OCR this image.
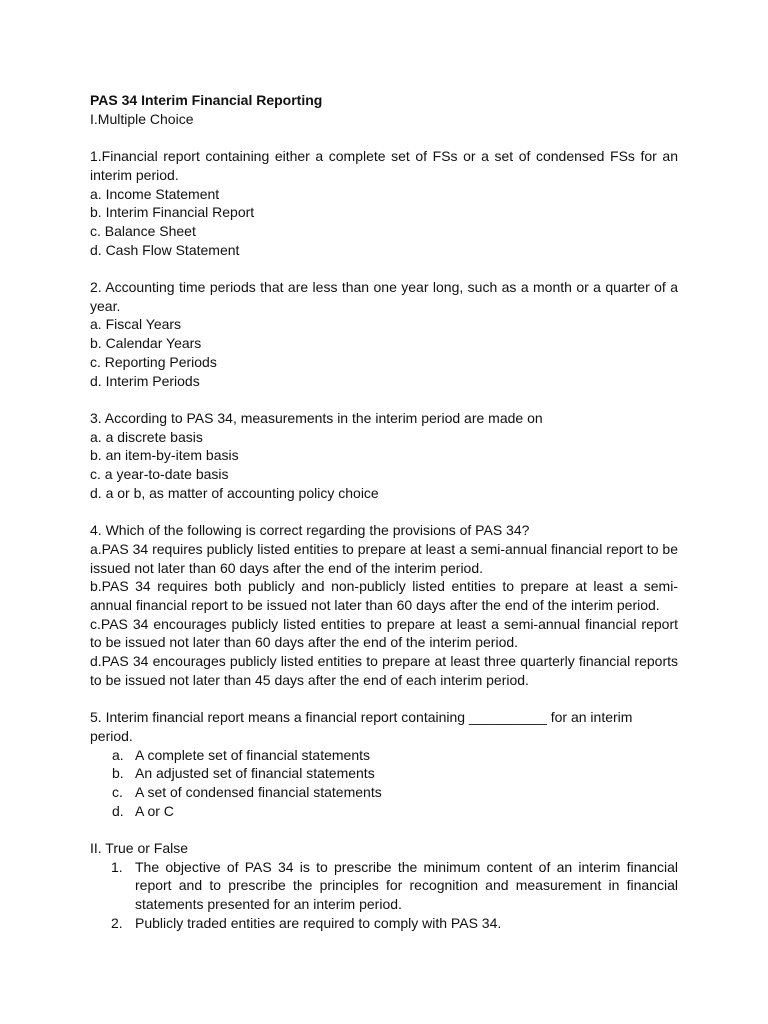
PAS 34 Interim Financial Reporting

I.Multiple Choice

1.Financial report containing either a complete set of FSs or a set of condensed FSs for an interim period.

a. Income Statement

b. Interim Financial Report

c. Balance Sheet

d. Cash Flow Statement

2. Accounting time periods that are less than one year long, such as a month or a quarter of a year.

a. Fiscal Years

b. Calendar Years

c. Reporting Periods

d. Interim Periods

3. According to PAS 34, measurements in the interim period are made on

a. a discrete basis

b. an item-by-item basis

c. a year-to-date basis

d. a or b, as matter of accounting policy choice

4. Which of the following is correct regarding the provisions of PAS 34?

a.PAS 34 requires publicly listed entities to prepare at least a semi-annual financial report to be issued not later than 60 days after the end of the interim period.

b.PAS 34 requires both publicly and non-publicly listed entities to prepare at least a semi-annual financial report to be issued not later than 60 days after the end of the interim period.

c.PAS 34 encourages publicly listed entities to prepare at least a semi-annual financial report to be issued not later than 60 days after the end of the interim period.

d.PAS 34 encourages publicly listed entities to prepare at least three quarterly financial reports to be issued not later than 45 days after the end of each interim period.

5. Interim financial report means a financial report containing __________ for an interim period.

a. A complete set of financial statements
b. An adjusted set of financial statements
c. A set of condensed financial statements
d. A or C

II. True or False

1. The objective of PAS 34 is to prescribe the minimum content of an interim financial report and to prescribe the principles for recognition and measurement in financial statements presented for an interim period.
2. Publicly traded entities are required to comply with PAS 34.
